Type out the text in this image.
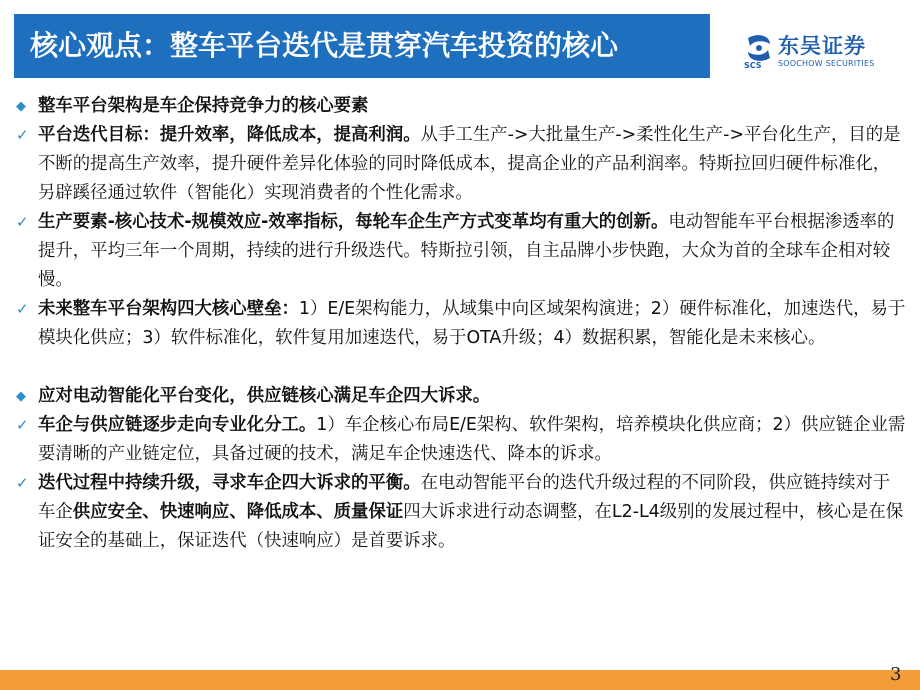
核心观点：整车平台迭代是贯穿汽车投资的核心	东吴证券
SCS SOOCHOW SECURITIES
◆ 整车平台架构是车企保持竞争力的核心要素
✓ 平台迭代目标：提升效率，降低成本，提高利润。从手工生产->大批量生产->柔性化生产->平台化生产，目的是不断的提高生产效率，提升硬件差异化体验的同时降低成本，提高企业的产品利润率。特斯拉回归硬件标准化，另辟蹊径通过软件（智能化）实现消费者的个性化需求。
✓ 生产要素-核心技术-规模效应-效率指标，每轮车企生产方式变革均有重大的创新。电动智能车平台根据渗透率的提升，平均三年一个周期，持续的进行升级迭代。特斯拉引领，自主品牌小步快跑，大众为首的全球车企相对较慢。
✓ 未来整车平台架构四大核心壁垒：1）E/E架构能力，从域集中向区域架构演进；2）硬件标准化，加速迭代，易于模块化供应；3）软件标准化，软件复用加速迭代，易于OTA升级；4）数据积累，智能化是未来核心。
◆ 应对电动智能化平台变化，供应链核心满足车企四大诉求。
✓ 车企与供应链逐步走向专业化分工。1）车企核心布局E/E架构、软件架构，培养模块化供应商；2）供应链企业需要清晰的产业链定位，具备过硬的技术，满足车企快速迭代、降本的诉求。
✓ 迭代过程中持续升级，寻求车企四大诉求的平衡。在电动智能平台的迭代升级过程的不同阶段，供应链持续对于车企供应安全、快速响应、降低成本、质量保证四大诉求进行动态调整，在L2-L4级别的发展过程中，核心是在保证安全的基础上，保证迭代（快速响应）是首要诉求。
3
